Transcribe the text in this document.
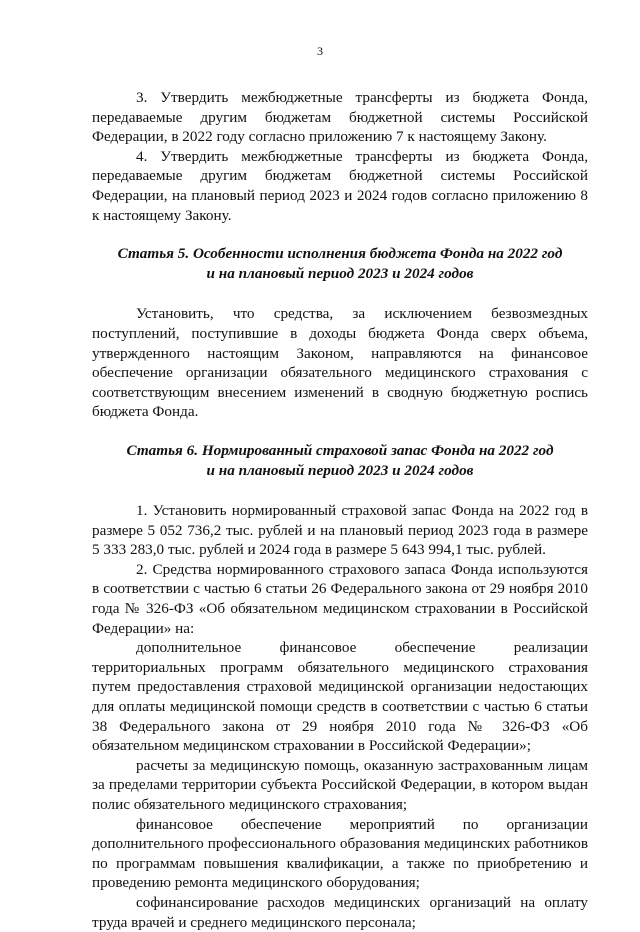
3

3. Утвердить межбюджетные трансферты из бюджета Фонда, передаваемые другим бюджетам бюджетной системы Российской Федерации, в 2022 году согласно приложению 7 к настоящему Закону.

4. Утвердить межбюджетные трансферты из бюджета Фонда, передаваемые другим бюджетам бюджетной системы Российской Федерации, на плановый период 2023 и 2024 годов согласно приложению 8 к настоящему Закону.

Статья 5. Особенности исполнения бюджета Фонда на 2022 год

и на плановый период 2023 и 2024 годов

Установить, что средства, за исключением безвозмездных поступлений, поступившие в доходы бюджета Фонда сверх объема, утвержденного настоящим Законом, направляются на финансовое обеспечение организации обязательного медицинского страхования с соответствующим внесением изменений в сводную бюджетную роспись бюджета Фонда.

Статья 6. Нормированный страховой запас Фонда на 2022 год

и на плановый период 2023 и 2024 годов

1. Установить нормированный страховой запас Фонда на 2022 год в размере 5 052 736,2 тыс. рублей и на плановый период 2023 года в размере 5 333 283,0 тыс. рублей и 2024 года в размере 5 643 994,1 тыс. рублей.

2. Средства нормированного страхового запаса Фонда используются в соответствии с частью 6 статьи 26 Федерального закона от 29 ноября 2010 года № 326-ФЗ «Об обязательном медицинском страховании в Российской Федерации» на:

дополнительное финансовое обеспечение реализации территориальных программ обязательного медицинского страхования путем предоставления страховой медицинской организации недостающих для оплаты медицинской помощи средств в соответствии с частью 6 статьи 38 Федерального закона от 29 ноября 2010 года № 326-ФЗ «Об обязательном медицинском страховании в Российской Федерации»;

расчеты за медицинскую помощь, оказанную застрахованным лицам за пределами территории субъекта Российской Федерации, в котором выдан полис обязательного медицинского страхования;

финансовое обеспечение мероприятий по организации дополнительного профессионального образования медицинских работников по программам повышения квалификации, а также по приобретению и проведению ремонта медицинского оборудования;

софинансирование расходов медицинских организаций на оплату труда врачей и среднего медицинского персонала;
